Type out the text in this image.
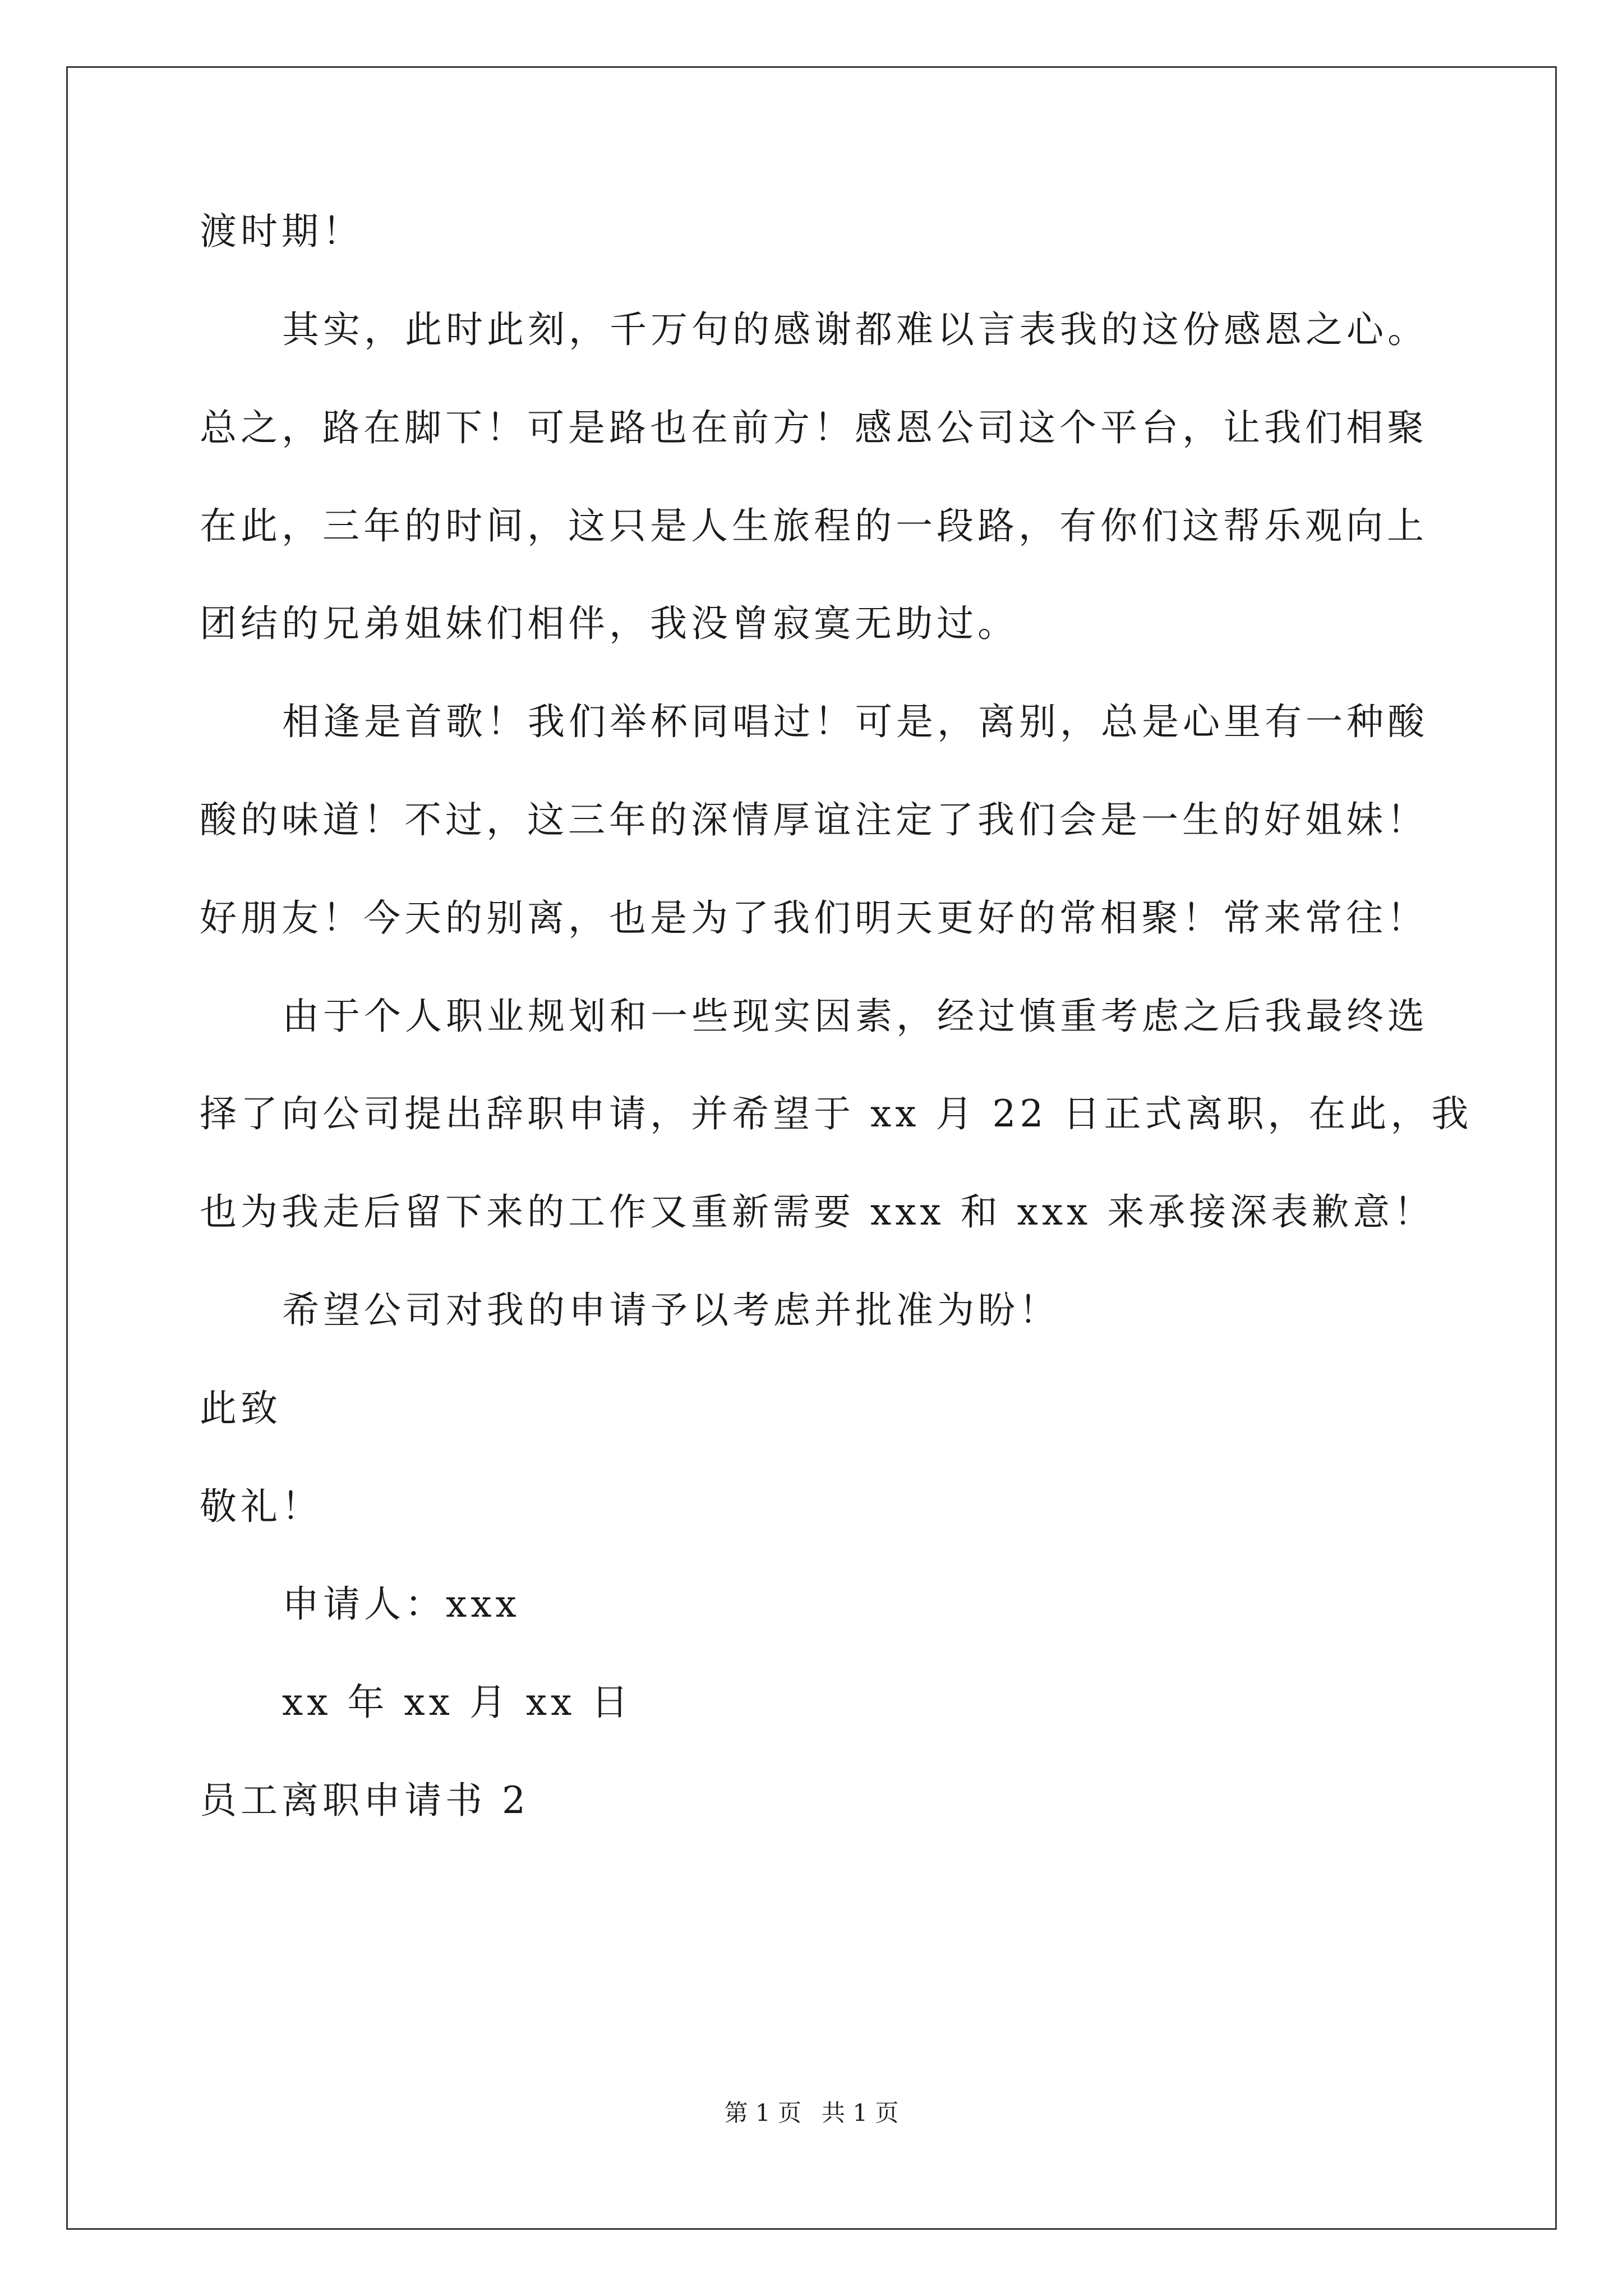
渡时期！
其实，此时此刻，千万句的感谢都难以言表我的这份感恩之心。
总之，路在脚下！可是路也在前方！感恩公司这个平台，让我们相聚
在此，三年的时间，这只是人生旅程的一段路，有你们这帮乐观向上
团结的兄弟姐妹们相伴，我没曾寂寞无助过。
相逢是首歌！我们举杯同唱过！可是，离别，总是心里有一种酸
酸的味道！不过，这三年的深情厚谊注定了我们会是一生的好姐妹！
好朋友！今天的别离，也是为了我们明天更好的常相聚！常来常往！
由于个人职业规划和一些现实因素，经过慎重考虑之后我最终选
择了向公司提出辞职申请，并希望于 xx 月 22 日正式离职，在此，我
也为我走后留下来的工作又重新需要 xxx 和 xxx 来承接深表歉意！
希望公司对我的申请予以考虑并批准为盼！
此致
敬礼！
申请人：xxx
xx 年 xx 月 xx 日
员工离职申请书 2
第 1 页 共 1 页
